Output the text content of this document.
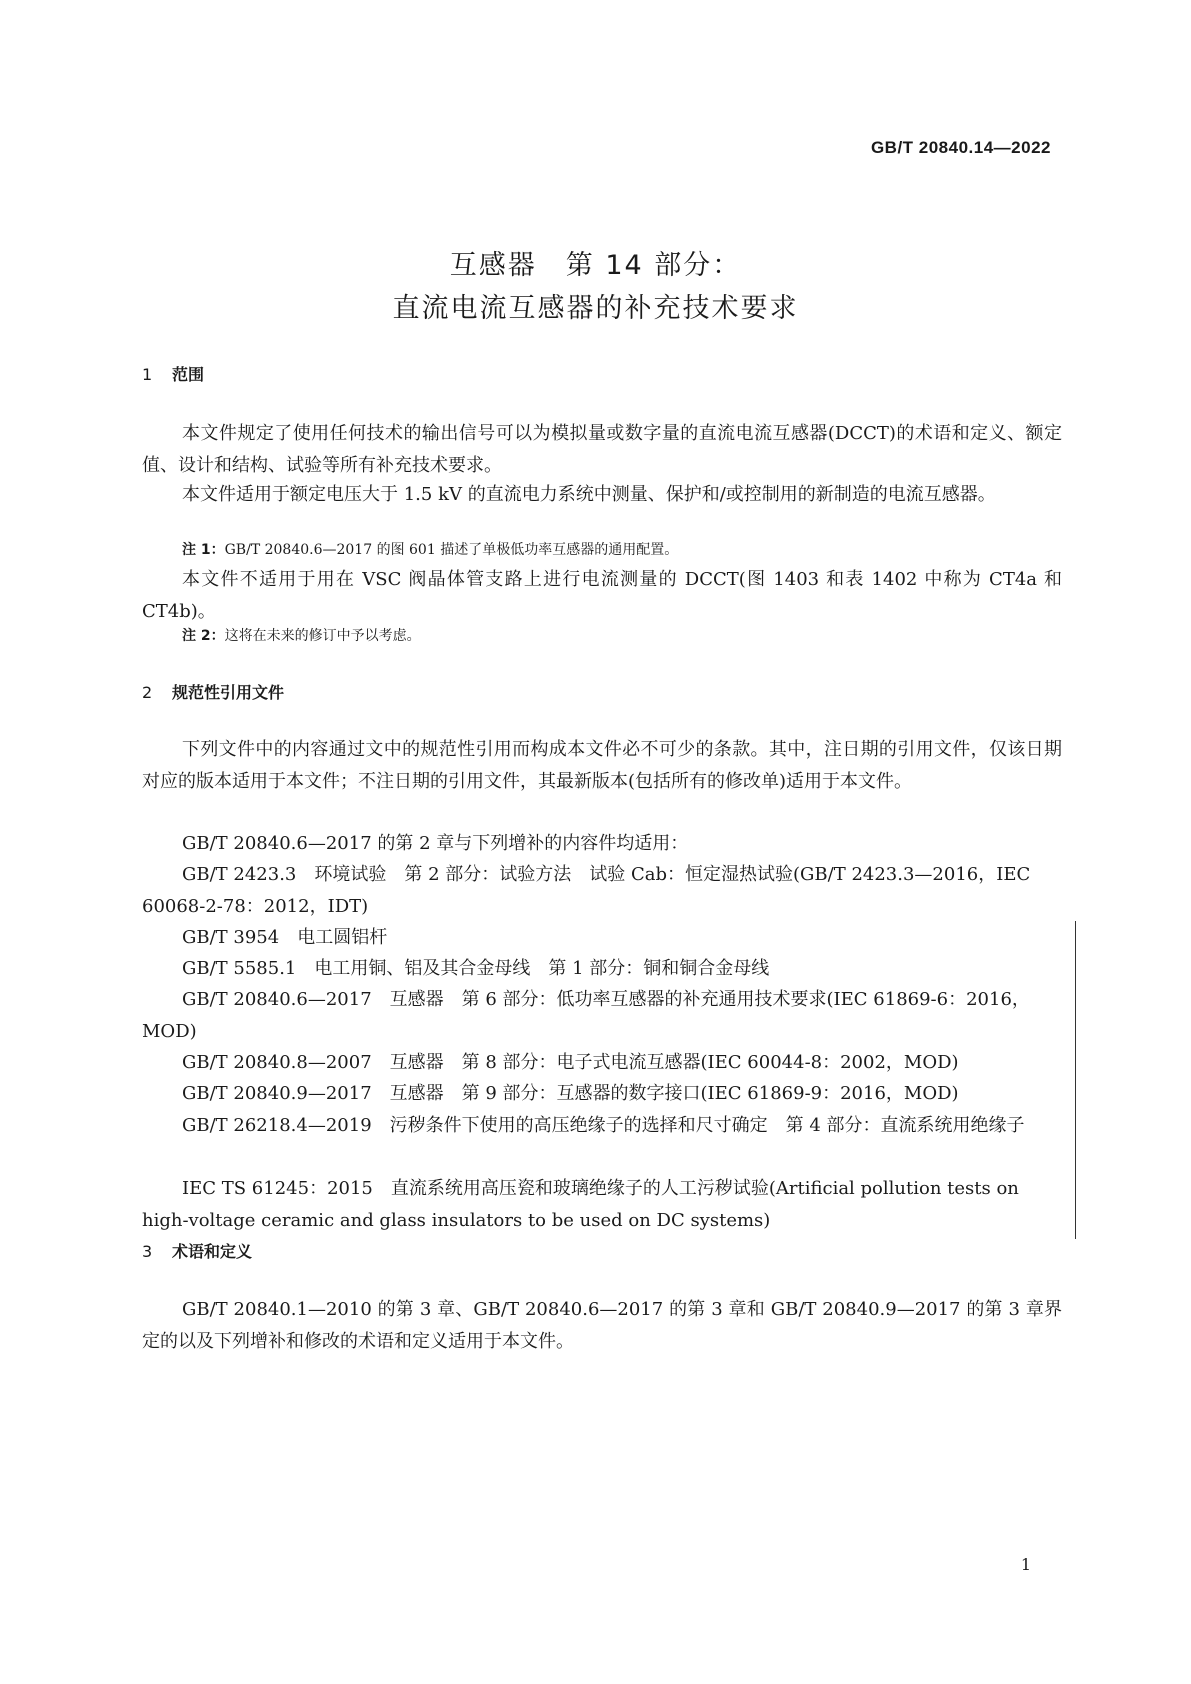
GB/T 20840.14—2022
互感器　第 14 部分：
直流电流互感器的补充技术要求
1 范围

本文件规定了使用任何技术的输出信号可以为模拟量或数字量的直流电流互感器(DCCT)的术语和定义、额定值、设计和结构、试验等所有补充技术要求。

本文件适用于额定电压大于 1.5 kV 的直流电力系统中测量、保护和/或控制用的新制造的电流互感器。

注 1：GB/T 20840.6—2017 的图 601 描述了单极低功率互感器的通用配置。

本文件不适用于用在 VSC 阀晶体管支路上进行电流测量的 DCCT(图 1403 和表 1402 中称为 CT4a 和 CT4b)。

注 2：这将在未来的修订中予以考虑。
2 规范性引用文件

下列文件中的内容通过文中的规范性引用而构成本文件必不可少的条款。其中，注日期的引用文件，仅该日期对应的版本适用于本文件；不注日期的引用文件，其最新版本(包括所有的修改单)适用于本文件。

GB/T 20840.6—2017 的第 2 章与下列增补的内容件均适用：

GB/T 2423.3　环境试验　第 2 部分：试验方法　试验 Cab：恒定湿热试验(GB/T 2423.3—2016，IEC 60068-2-78：2012，IDT)

GB/T 3954　电工圆铝杆

GB/T 5585.1　电工用铜、铝及其合金母线　第 1 部分：铜和铜合金母线

GB/T 20840.6—2017　互感器　第 6 部分：低功率互感器的补充通用技术要求(IEC 61869-6：2016，MOD)

GB/T 20840.8—2007　互感器　第 8 部分：电子式电流互感器(IEC 60044-8：2002，MOD)

GB/T 20840.9—2017　互感器　第 9 部分：互感器的数字接口(IEC 61869-9：2016，MOD)

GB/T 26218.4—2019　污秽条件下使用的高压绝缘子的选择和尺寸确定　第 4 部分：直流系统用绝缘子

IEC TS 61245：2015　直流系统用高压瓷和玻璃绝缘子的人工污秽试验(Artificial pollution tests on high-voltage ceramic and glass insulators to be used on DC systems)

3 术语和定义

GB/T 20840.1—2010 的第 3 章、GB/T 20840.6—2017 的第 3 章和 GB/T 20840.9—2017 的第 3 章界定的以及下列增补和修改的术语和定义适用于本文件。

1
